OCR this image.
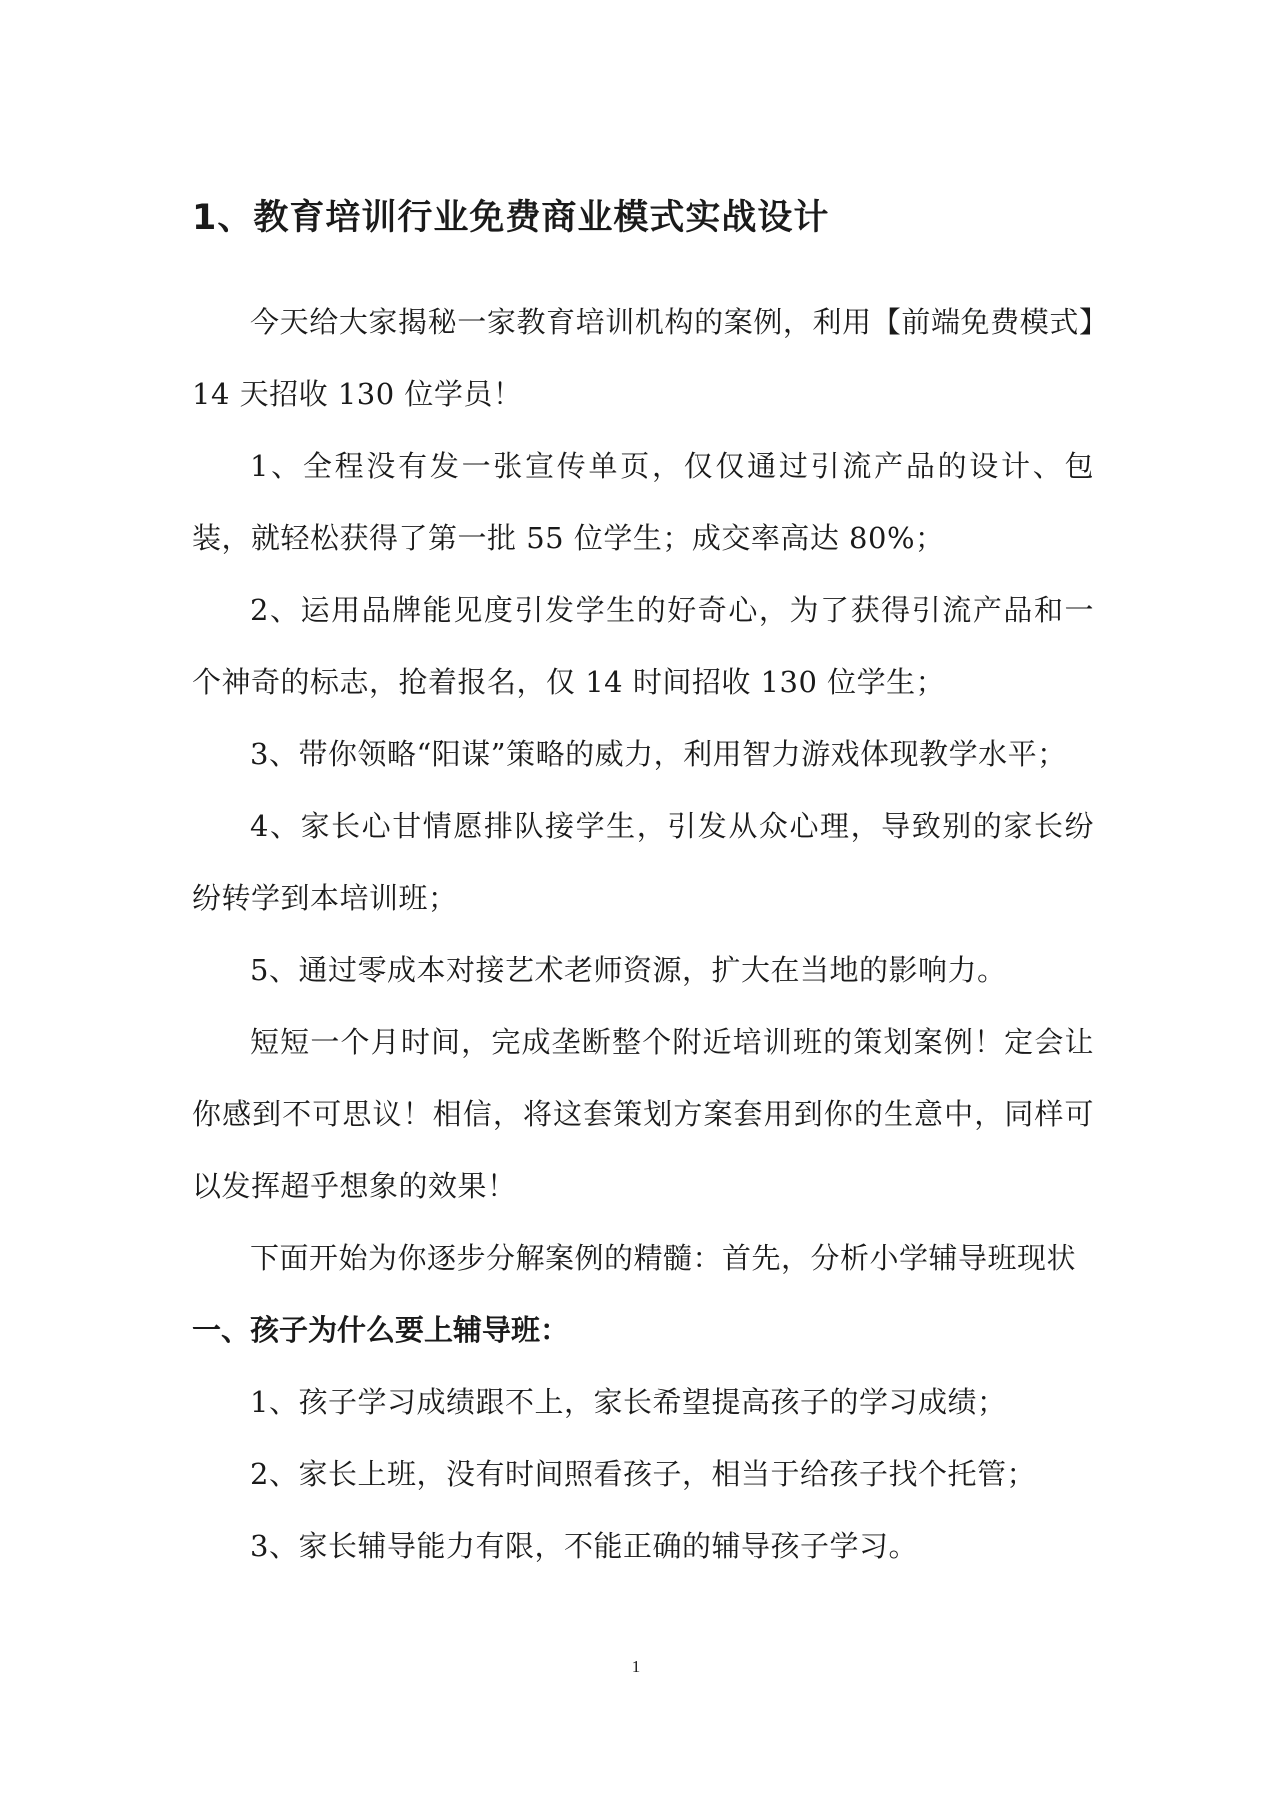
1、教育培训行业免费商业模式实战设计

今天给大家揭秘一家教育培训机构的案例，利用【前端免费模式】14 天招收 130 位学员！

1、全程没有发一张宣传单页，仅仅通过引流产品的设计、包装，就轻松获得了第一批 55 位学生；成交率高达 80%；

2、运用品牌能见度引发学生的好奇心，为了获得引流产品和一个神奇的标志，抢着报名，仅 14 时间招收 130 位学生；

3、带你领略“阳谋”策略的威力，利用智力游戏体现教学水平；

4、家长心甘情愿排队接学生，引发从众心理，导致别的家长纷纷转学到本培训班；

5、通过零成本对接艺术老师资源，扩大在当地的影响力。

短短一个月时间，完成垄断整个附近培训班的策划案例！定会让你感到不可思议！相信，将这套策划方案套用到你的生意中，同样可以发挥超乎想象的效果！

下面开始为你逐步分解案例的精髓：首先，分析小学辅导班现状

一、孩子为什么要上辅导班：

1、孩子学习成绩跟不上，家长希望提高孩子的学习成绩；

2、家长上班，没有时间照看孩子，相当于给孩子找个托管；

3、家长辅导能力有限，不能正确的辅导孩子学习。

1
